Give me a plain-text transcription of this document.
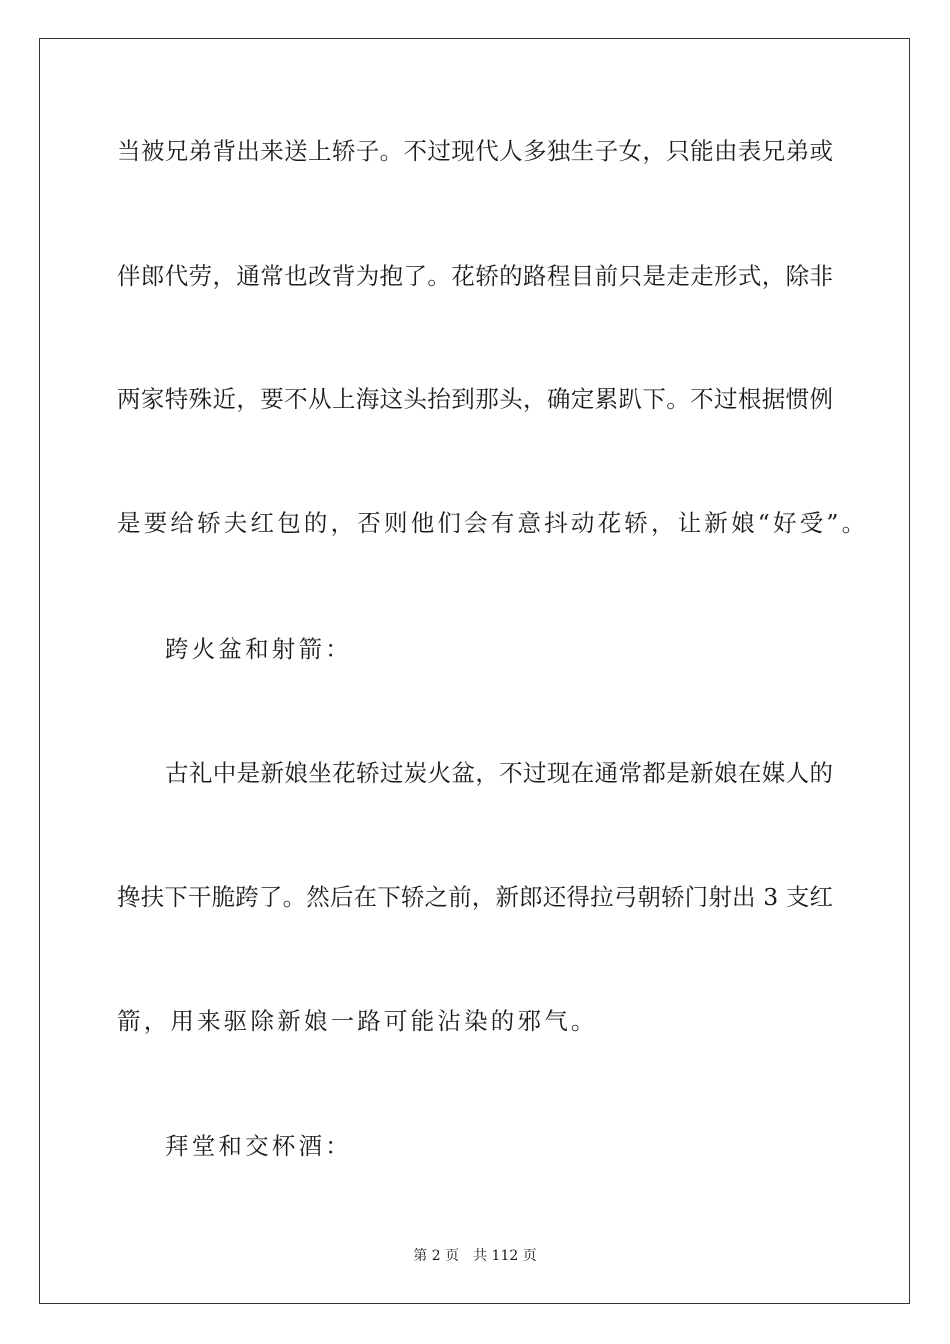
当被兄弟背出来送上轿子。不过现代人多独生子女，只能由表兄弟或
伴郎代劳，通常也改背为抱了。花轿的路程目前只是走走形式，除非
两家特殊近，要不从上海这头抬到那头，确定累趴下。不过根据惯例
是要给轿夫红包的，否则他们会有意抖动花轿，让新娘“好受”。
跨火盆和射箭：
古礼中是新娘坐花轿过炭火盆，不过现在通常都是新娘在媒人的
搀扶下干脆跨了。然后在下轿之前，新郎还得拉弓朝轿门射出 3 支红
箭，用来驱除新娘一路可能沾染的邪气。
拜堂和交杯酒：
第 2 页 共 112 页
